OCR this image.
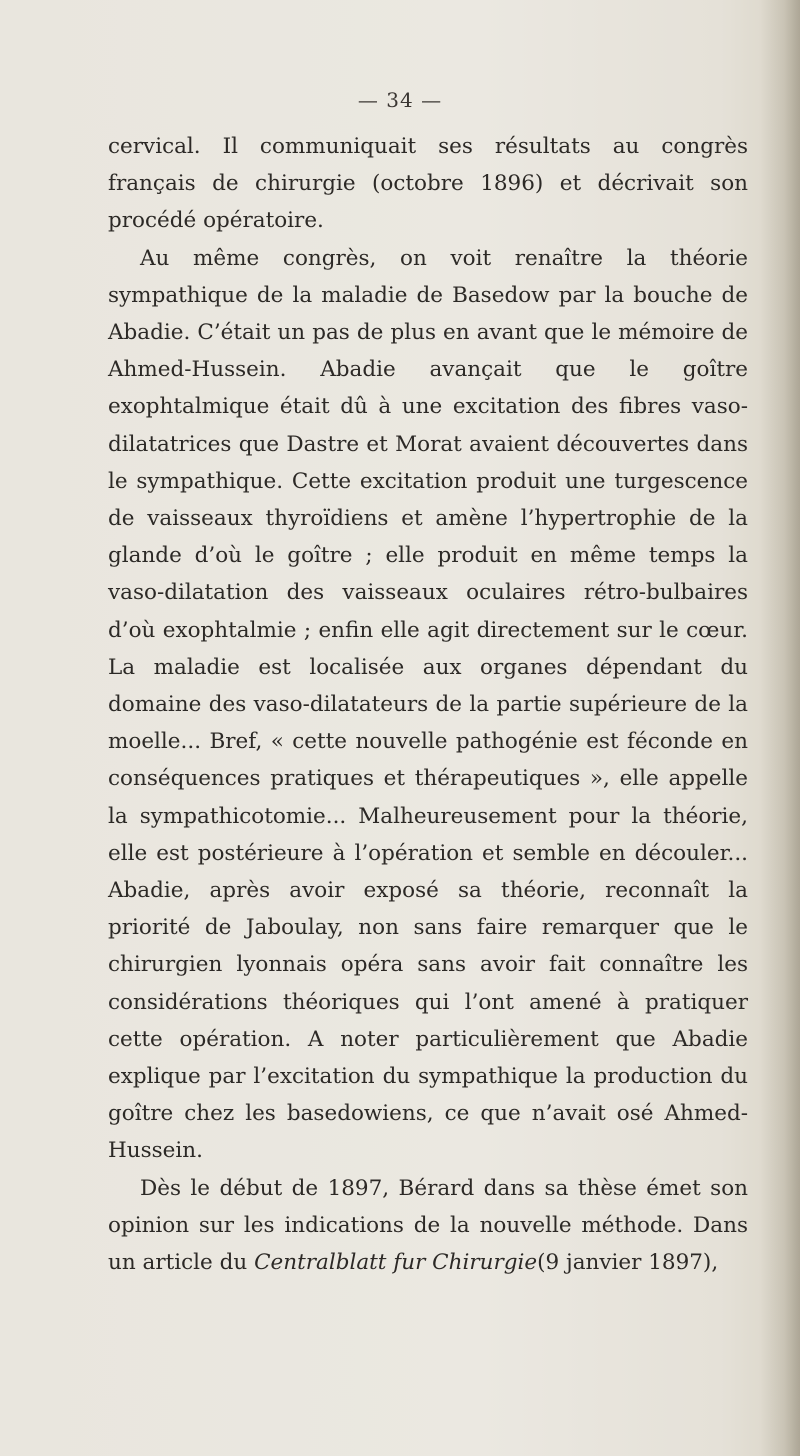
— 34 —

cervical. Il communiquait ses résultats au congrès français de chirurgie (octobre 1896) et décrivait son procédé opératoire.

Au même congrès, on voit renaître la théorie sympathique de la maladie de Basedow par la bouche de Abadie. C’était un pas de plus en avant que le mémoire de Ahmed-Hussein. Abadie avançait que le goître exophtalmique était dû à une excitation des fibres vaso-dilatatrices que Dastre et Morat avaient découvertes dans le sympathique. Cette excitation produit une turgescence de vaisseaux thyroïdiens et amène l’hypertrophie de la glande d’où le goître ; elle produit en même temps la vaso-dilatation des vaisseaux oculaires rétro-bulbaires d’où exophtalmie ; enfin elle agit directement sur le cœur. La maladie est localisée aux organes dépendant du domaine des vaso-dilatateurs de la partie supérieure de la moelle... Bref, « cette nouvelle pathogénie est féconde en conséquences pratiques et thérapeutiques », elle appelle la sympathicotomie... Malheureusement pour la théorie, elle est postérieure à l’opération et semble en découler... Abadie, après avoir exposé sa théorie, reconnaît la priorité de Jaboulay, non sans faire remarquer que le chirurgien lyonnais opéra sans avoir fait connaître les considérations théoriques qui l’ont amené à pratiquer cette opération. A noter particulièrement que Abadie explique par l’excitation du sympathique la production du goître chez les basedowiens, ce que n’avait osé Ahmed-Hussein.

Dès le début de 1897, Bérard dans sa thèse émet son opinion sur les indications de la nouvelle méthode. Dans un article du Centralblatt fur Chirurgie(9 janvier 1897),
